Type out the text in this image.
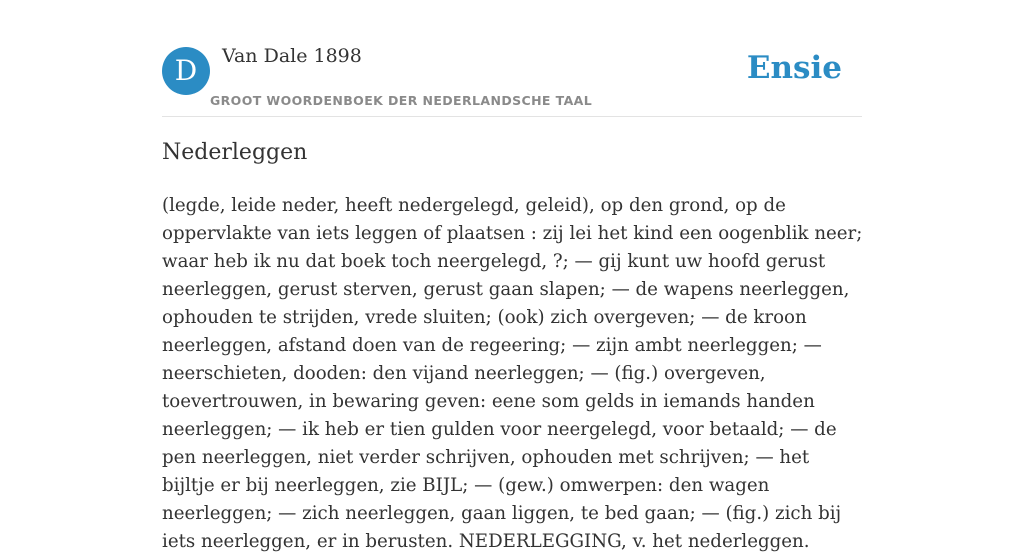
D	Van Dale 1898
GROOT WOORDENBOEK DER NEDERLANDSCHE TAAL
Ensie
Nederleggen

(legde, leide neder, heeft nedergelegd, geleid), op den grond, op de oppervlakte van iets leggen of plaatsen : zij lei het kind een oogenblik neer; waar heb ik nu dat boek toch neergelegd, ?; — gij kunt uw hoofd gerust neerleggen, gerust sterven, gerust gaan slapen; — de wapens neerleggen, ophouden te strijden, vrede sluiten; (ook) zich overgeven; — de kroon neerleggen, afstand doen van de regeering; — zijn ambt neerleggen; — neerschieten, dooden: den vijand neerleggen; — (fig.) overgeven, toevertrouwen, in bewaring geven: eene som gelds in iemands handen neerleggen; — ik heb er tien gulden voor neergelegd, voor betaald; — de pen neerleggen, niet verder schrijven, ophouden met schrijven; — het bijltje er bij neerleggen, zie BIJL; — (gew.) omwerpen: den wagen neerleggen; — zich neerleggen, gaan liggen, te bed gaan; — (fig.) zich bij iets neerleggen, er in berusten. NEDERLEGGING, v. het nederleggen.
